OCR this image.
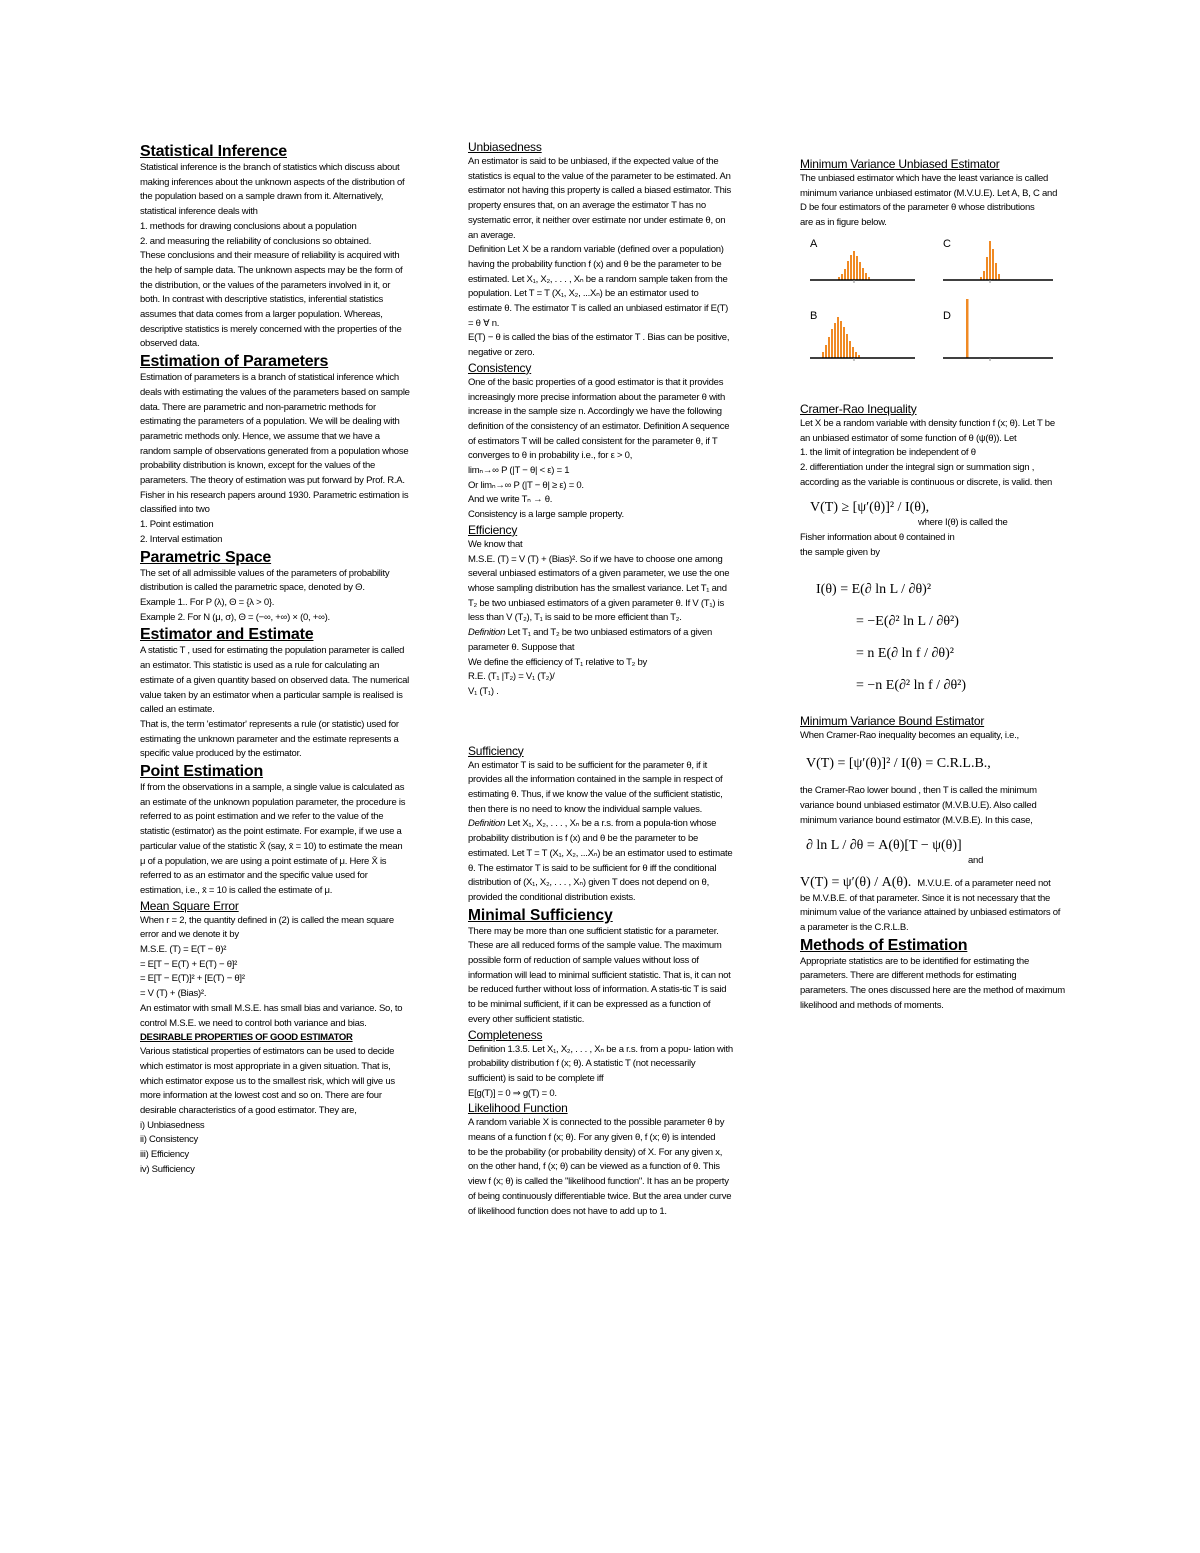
Statistical Inference

Statistical inference is the branch of statistics which discuss about making inferences about the unknown aspects of the distribution of the population based on a sample drawn from it. Alternatively, statistical inference deals with
1. methods for drawing conclusions about a population
2. and measuring the reliability of conclusions so obtained.
These conclusions and their measure of reliability is acquired with the help of sample data. The unknown aspects may be the form of the distribution, or the values of the parameters involved in it, or both. In contrast with descriptive statistics, inferential statistics assumes that data comes from a larger population. Whereas, descriptive statistics is merely concerned with the properties of the observed data.

Estimation of Parameters

Estimation of parameters is a branch of statistical inference which deals with estimating the values of the parameters based on sample data. There are parametric and non-parametric methods for estimating the parameters of a population. We will be dealing with parametric methods only. Hence, we assume that we have a random sample of observations generated from a population whose probability distribution is known, except for the values of the parameters. The theory of estimation was put forward by Prof. R.A. Fisher in his research papers around 1930. Parametric estimation is classified into two
1. Point estimation
2. Interval estimation

Parametric Space

The set of all admissible values of the parameters of probability distribution is called the parametric space, denoted by Θ.
Example 1.. For P (λ), Θ = {λ > 0}.
Example 2. For N (μ, σ), Θ = (−∞, +∞) × (0, +∞).

Estimator and Estimate

A statistic T , used for estimating the population parameter is called an estimator. This statistic is used as a rule for calculating an estimate of a given quantity based on observed data. The numerical value taken by an estimator when a particular sample is realised is called an estimate.
That is, the term 'estimator' represents a rule (or statistic) used for estimating the unknown parameter and the estimate represents a specific value produced by the estimator.

Point Estimation

If from the observations in a sample, a single value is calculated as an estimate of the unknown population parameter, the procedure is referred to as point estimation and we refer to the value of the statistic (estimator) as the point estimate. For example, if we use a particular value of the statistic X̄ (say, x̄ = 10) to estimate the mean μ of a population, we are using a point estimate of μ. Here X̄ is referred to as an estimator and the specific value used for estimation, i.e., x̄ = 10 is called the estimate of μ.

Mean Square Error

When r = 2, the quantity defined in (2) is called the mean square error and we denote it by
M.S.E. (T) = E(T − θ)²
= E[T − E(T) + E(T) − θ]²
= E[T − E(T)]² + [E(T) − θ]²
= V (T) + (Bias)².
An estimator with small M.S.E. has small bias and variance. So, to control M.S.E. we need to control both variance and bias.

DESIRABLE PROPERTIES OF GOOD ESTIMATOR

Various statistical properties of estimators can be used to decide which estimator is most appropriate in a given situation. That is, which estimator expose us to the smallest risk, which will give us more information at the lowest cost and so on. There are four desirable characteristics of a good estimator. They are,
i) Unbiasedness
ii) Consistency
iii) Efficiency
iv) Sufficiency

Unbiasedness

An estimator is said to be unbiased, if the expected value of the statistics is equal to the value of the parameter to be estimated. An estimator not having this property is called a biased estimator. This property ensures that, on an average the estimator T has no systematic error, it neither over estimate nor under estimate θ, on an average.
Definition Let X be a random variable (defined over a population) having the probability function f (x) and θ be the parameter to be estimated. Let X₁, X₂, . . . , Xₙ be a random sample taken from the population. Let T = T (X₁, X₂, ...Xₙ) be an estimator used to estimate θ. The estimator T is called an unbiased estimator if E(T) = θ ∀ n.
E(T) − θ is called the bias of the estimator T . Bias can be positive, negative or zero.

Consistency

One of the basic properties of a good estimator is that it provides increasingly more precise information about the parameter θ with increase in the sample size n. Accordingly we have the following definition of the consistency of an estimator. Definition A sequence of estimators T will be called consistent for the parameter θ, if T converges to θ in probability i.e., for ε > 0,
limₙ→∞ P (|T − θ| < ε) = 1
Or limₙ→∞ P (|T − θ| ≥ ε) = 0.
And we write Tₙ → θ.
Consistency is a large sample property.

Efficiency

We know that
M.S.E. (T) = V (T) + (Bias)². So if we have to choose one among several unbiased estimators of a given parameter, we use the one whose sampling distribution has the smallest variance. Let T₁ and T₂ be two unbiased estimators of a given parameter θ. If V (T₁) is less than V (T₂), T₁ is said to be more efficient than T₂.

Definition Let T₁ and T₂ be two unbiased estimators of a given parameter θ. Suppose that
We define the efficiency of T₁ relative to T₂ by
R.E. (T₁ |T₂) = V₁ (T₂)/
V₁ (T₁) .

Sufficiency

An estimator T is said to be sufficient for the parameter θ, if it provides all the information contained in the sample in respect of estimating θ. Thus, if we know the value of the sufficient statistic, then there is no need to know the individual sample values.

Definition Let X₁, X₂, . . . , Xₙ be a r.s. from a popula-tion whose probability distribution is f (x) and θ be the parameter to be estimated. Let T = T (X₁, X₂, ...Xₙ) be an estimator used to estimate θ. The estimator T is said to be sufficient for θ iff the conditional distribution of (X₁, X₂, . . . , Xₙ) given T does not depend on θ, provided the conditional distribution exists.

Minimal Sufficiency

There may be more than one sufficient statistic for a parameter. These are all reduced forms of the sample value. The maximum possible form of reduction of sample values without loss of information will lead to minimal sufficient statistic. That is, it can not be reduced further without loss of information. A statis-tic T is said to be minimal sufficient, if it can be expressed as a function of every other sufficient statistic.

Completeness

Definition 1.3.5. Let X₁, X₂, . . . , Xₙ be a r.s. from a popu- lation with probability distribution f (x; θ). A statistic T (not necessarily sufficient) is said to be complete iff
E[g(T)] = 0 ⇒ g(T) = 0.

Likelihood Function

A random variable X is connected to the possible parameter θ by means of a function f (x; θ). For any given θ, f (x; θ) is intended
to be the probability (or probability density) of X. For any given x, on the other hand, f (x; θ) can be viewed as a function of θ. This view f (x; θ) is called the "likelihood function". It has an be property of being continuously differentiable twice. But the area under curve of likelihood function does not have to add up to 1.

Minimum Variance Unbiased Estimator

The unbiased estimator which have the least variance is called minimum variance unbiased estimator (M.V.U.E). Let A, B, C and D be four estimators of the parameter θ whose distributions
are as in figure below.

A	C
B	D
Cramer-Rao Inequality

Let X be a random variable with density function f (x; θ). Let T be an unbiased estimator of some function of θ (ψ(θ)). Let
1. the limit of integration be independent of θ
2. differentiation under the integral sign or summation sign ,
according as the variable is continuous or discrete, is valid. then

V(T) ≥ [ψ′(θ)]² / I(θ),

where I(θ) is called the

Fisher information about θ contained in
the sample given by

I(θ) = E(∂ ln L / ∂θ)²
= −E(∂² ln L / ∂θ²)
= n E(∂ ln f / ∂θ)²
= −n E(∂² ln f / ∂θ²)
Minimum Variance Bound Estimator

When Cramer-Rao inequality becomes an equality, i.e.,

V(T) = [ψ′(θ)]² / I(θ) = C.R.L.B.,

the Cramer-Rao lower bound , then T is called the minimum variance bound unbiased estimator (M.V.B.U.E). Also called minimum variance bound estimator (M.V.B.E). In this case,

∂ ln L / ∂θ = A(θ)[T − ψ(θ)]

and

V(T) = ψ′(θ) / A(θ). M.V.U.E. of a parameter need not

be M.V.B.E. of that parameter. Since it is not necessary that the minimum value of the variance attained by unbiased estimators of a parameter is the C.R.L.B.

Methods of Estimation

Appropriate statistics are to be identified for estimating the parameters. There are different methods for estimating parameters. The ones discussed here are the method of maximum likelihood and methods of moments.
